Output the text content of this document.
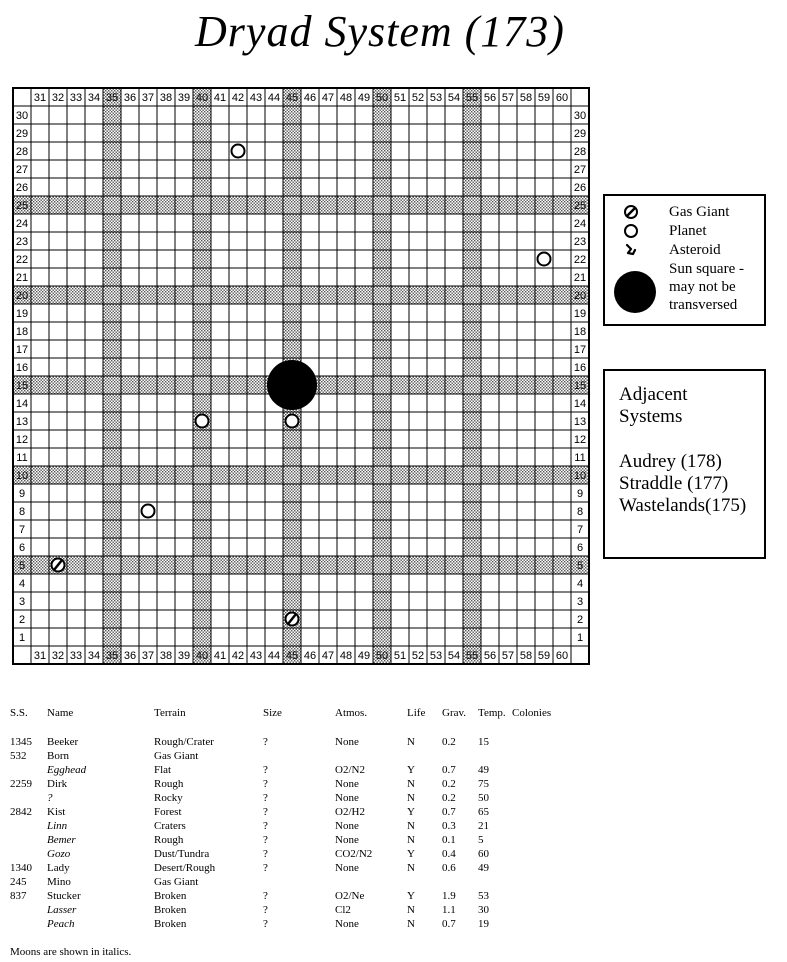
Dryad System (173)
31
31
32
32
33
33
34
34
35
35
36
36
37
37
38
38
39
39
40
40
41
41
42
42
43
43
44
44
45
45
46
46
47
47
48
48
49
49
50
50
51
51
52
52
53
53
54
54
55
55
56
56
57
57
58
58
59
59
60
60
30	30
29	29
28	28
27	27
26	26
25	25
24	24
23	23
22	22
21	21
20	20
19	19
18	18
17	17
16	16
15	15
14	14
13	13
12	12
11	11
10	10
9	9
8	8
7	7
6	6
5	5
4	4
3	3
2	2
1	1
Gas Giant
Planet
Asteroid
Sun square -
may not be
transversed
Adjacent
Systems
Audrey (178)
Straddle (177)
Wastelands(175)
S.S. Name	Terrain	Size	Atmos.	Life Grav. Temp. Colonies
1345 Beeker	Rough/Crater	?	None	N 0.2 15
532 Born	Gas Giant
Egghead	Flat	?	O2/N2	Y 0.7 49
2259 Dirk	Rough	?	None	N 0.2 75
?	Rocky	?	None	N 0.2 50
2842 Kist	Forest	?	O2/H2	Y 0.7 65
Linn	Craters	?	None	N 0.3 21
Bemer	Rough	?	None	N 0.1 5
Gozo	Dust/Tundra	?	CO2/N2	Y 0.4 60
1340 Lady	Desert/Rough	?	None	N 0.6 49
245 Mino	Gas Giant
837 Stucker	Broken	?	O2/Ne	Y 1.9 53
Lasser	Broken	?	Cl2	N 1.1 30
Peach	Broken	?	None	N 0.7 19
Moons are shown in italics.
